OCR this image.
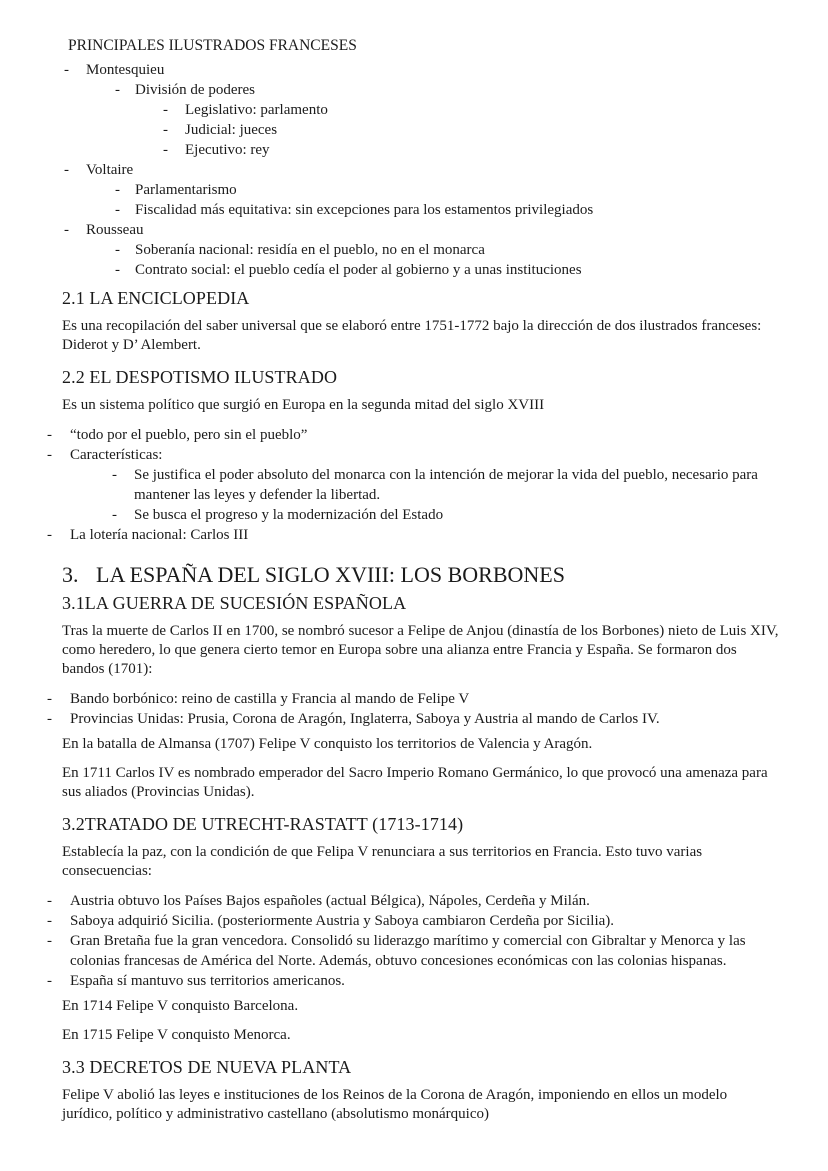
PRINCIPALES ILUSTRADOS FRANCESES
- Montesquieu
- División de poderes
- Legislativo: parlamento
- Judicial: jueces
- Ejecutivo: rey
- Voltaire
- Parlamentarismo
- Fiscalidad más equitativa: sin excepciones para los estamentos privilegiados
- Rousseau
- Soberanía nacional: residía en el pueblo, no en el monarca
- Contrato social: el pueblo cedía el poder al gobierno y a unas instituciones
2.1 LA ENCICLOPEDIA

Es una recopilación del saber universal que se elaboró entre 1751-1772 bajo la dirección de dos ilustrados franceses: Diderot y D’ Alembert.

2.2 EL DESPOTISMO ILUSTRADO

Es un sistema político que surgió en Europa en la segunda mitad del siglo XVIII

- “todo por el pueblo, pero sin el pueblo”
- Características:
- Se justifica el poder absoluto del monarca con la intención de mejorar la vida del pueblo, necesario para mantener las leyes y defender la libertad.
- Se busca el progreso y la modernización del Estado
- La lotería nacional: Carlos III
3. LA ESPAÑA DEL SIGLO XVIII: LOS BORBONES
3.1LA GUERRA DE SUCESIÓN ESPAÑOLA

Tras la muerte de Carlos II en 1700, se nombró sucesor a Felipe de Anjou (dinastía de los Borbones) nieto de Luis XIV, como heredero, lo que genera cierto temor en Europa sobre una alianza entre Francia y España. Se formaron dos bandos (1701):

- Bando borbónico: reino de castilla y Francia al mando de Felipe V
- Provincias Unidas: Prusia, Corona de Aragón, Inglaterra, Saboya y Austria al mando de Carlos IV.

En la batalla de Almansa (1707) Felipe V conquisto los territorios de Valencia y Aragón.

En 1711 Carlos IV es nombrado emperador del Sacro Imperio Romano Germánico, lo que provocó una amenaza para sus aliados (Provincias Unidas).

3.2TRATADO DE UTRECHT-RASTATT (1713-1714)

Establecía la paz, con la condición de que Felipa V renunciara a sus territorios en Francia. Esto tuvo varias consecuencias:

- Austria obtuvo los Países Bajos españoles (actual Bélgica), Nápoles, Cerdeña y Milán.
- Saboya adquirió Sicilia. (posteriormente Austria y Saboya cambiaron Cerdeña por Sicilia).
- Gran Bretaña fue la gran vencedora. Consolidó su liderazgo marítimo y comercial con Gibraltar y Menorca y las colonias francesas de América del Norte. Además, obtuvo concesiones económicas con las colonias hispanas.
- España sí mantuvo sus territorios americanos.

En 1714 Felipe V conquisto Barcelona.

En 1715 Felipe V conquisto Menorca.

3.3 DECRETOS DE NUEVA PLANTA

Felipe V abolió las leyes e instituciones de los Reinos de la Corona de Aragón, imponiendo en ellos un modelo jurídico, político y administrativo castellano (absolutismo monárquico)
